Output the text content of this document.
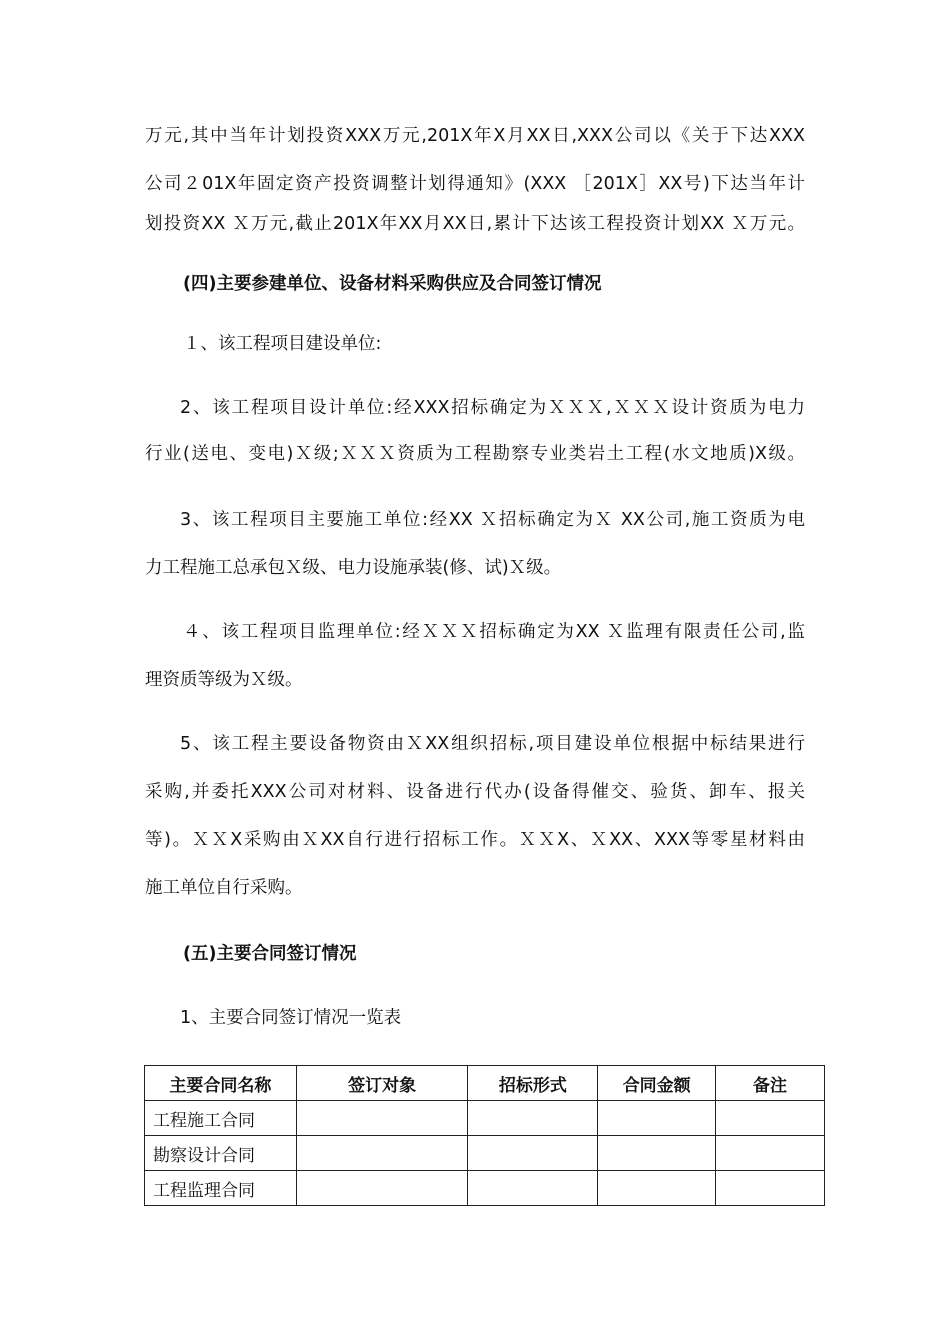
万元,其中当年计划投资XXX万元,201X年X月XX日,XXX公司以《关于下达XXX
公司２01X年固定资产投资调整计划得通知》(XXX ［201X］XX号)下达当年计
划投资XX Ｘ万元,截止201X年XX月XX日,累计下达该工程投资计划XX Ｘ万元。
(四)主要参建单位、设备材料采购供应及合同签订情况
１、该工程项目建设单位:
2、该工程项目设计单位:经XXX招标确定为ＸＸＸ,ＸＸＸ设计资质为电力
行业(送电、变电)Ｘ级;ＸＸＸ资质为工程勘察专业类岩土工程(水文地质)X级。
3、该工程项目主要施工单位:经XX Ｘ招标确定为Ｘ XX公司,施工资质为电
力工程施工总承包Ｘ级、电力设施承装(修、试)Ｘ级。
４、该工程项目监理单位:经ＸＸＸ招标确定为XX Ｘ监理有限责任公司,监
理资质等级为Ｘ级。
5、该工程主要设备物资由ＸXX组织招标,项目建设单位根据中标结果进行
采购,并委托XXX公司对材料、设备进行代办(设备得催交、验货、卸车、报关
等)。ＸＸX采购由ＸXX自行进行招标工作。ＸＸX、ＸXX、XXX等零星材料由
施工单位自行采购。
(五)主要合同签订情况
1、主要合同签订情况一览表
主要合同名称	签订对象	招标形式	合同金额	备注
工程施工合同				
勘察设计合同				
工程监理合同				
